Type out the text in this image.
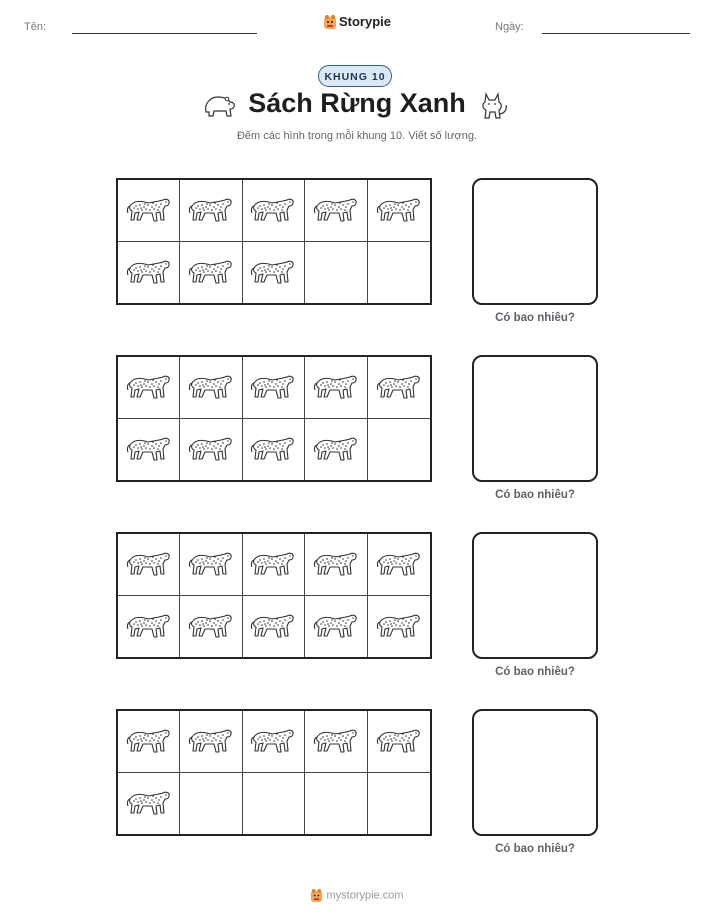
Tên:	Storypie	Ngày:
KHUNG 10
Sách Rừng Xanh
Đếm các hình trong mỗi khung 10. Viết số lượng.
Có bao nhiêu?
Có bao nhiêu?
Có bao nhiêu?
Có bao nhiêu?
mystorypie.com
